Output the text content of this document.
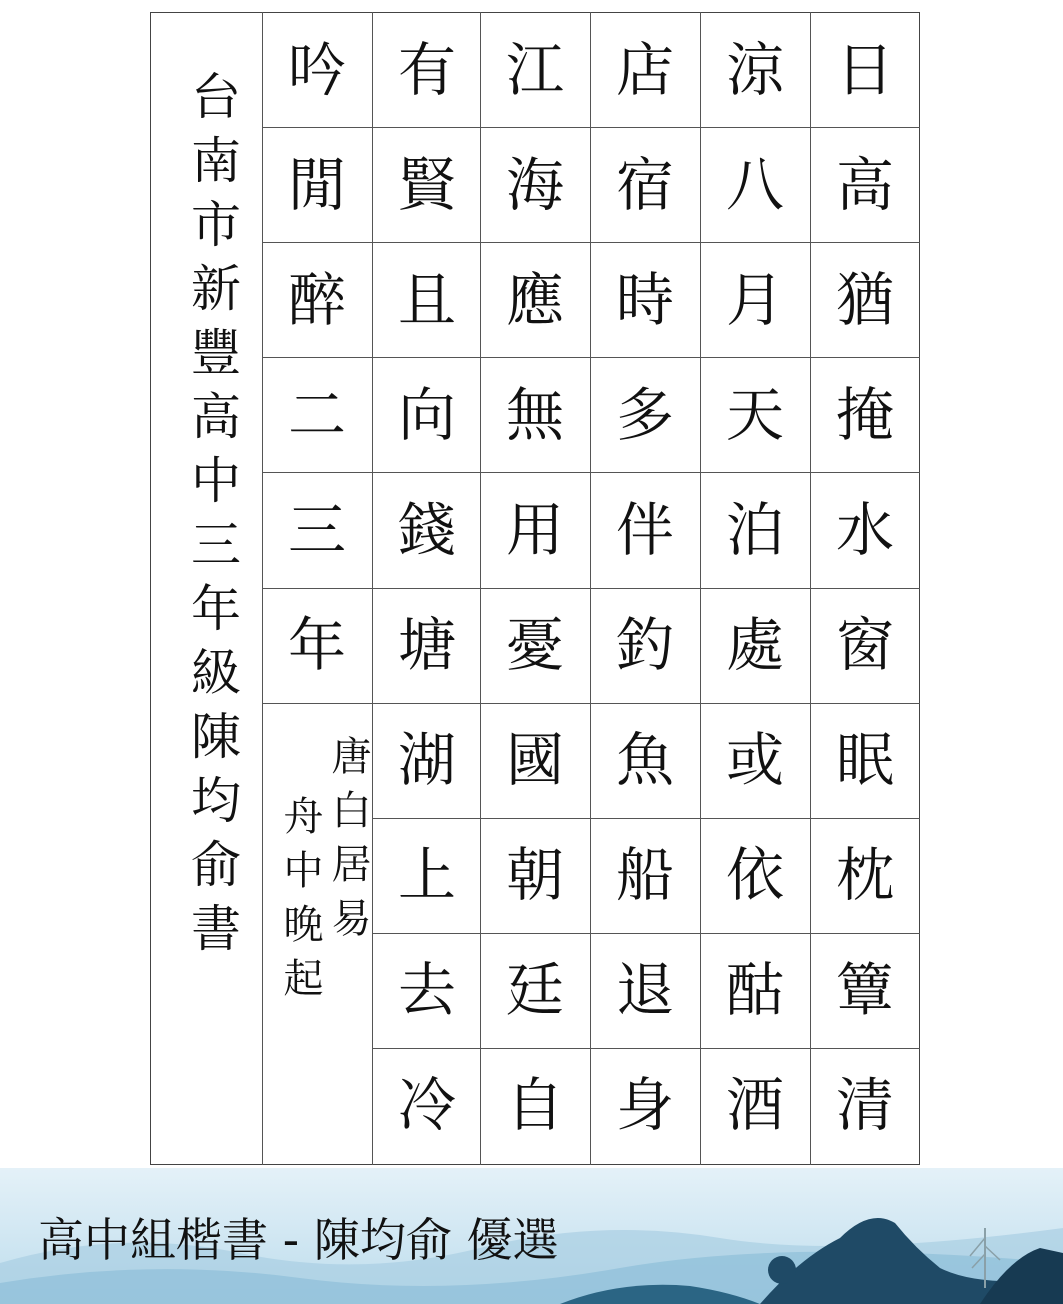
日
高
猶
掩
水
窗
眠
枕
簟
清
涼
八
月
天
泊
處
或
依
酤
酒
店
宿
時
多
伴
釣
魚
船
退
身
江
海
應
無
用
憂
國
朝
廷
自
有
賢
且
向
錢
塘
湖
上
去
冷
吟
閒
醉
二
三
年
台南市新豐高中三年級陳均俞書 唐白居易
舟中晚起
高中組楷書 - 陳均俞 優選
